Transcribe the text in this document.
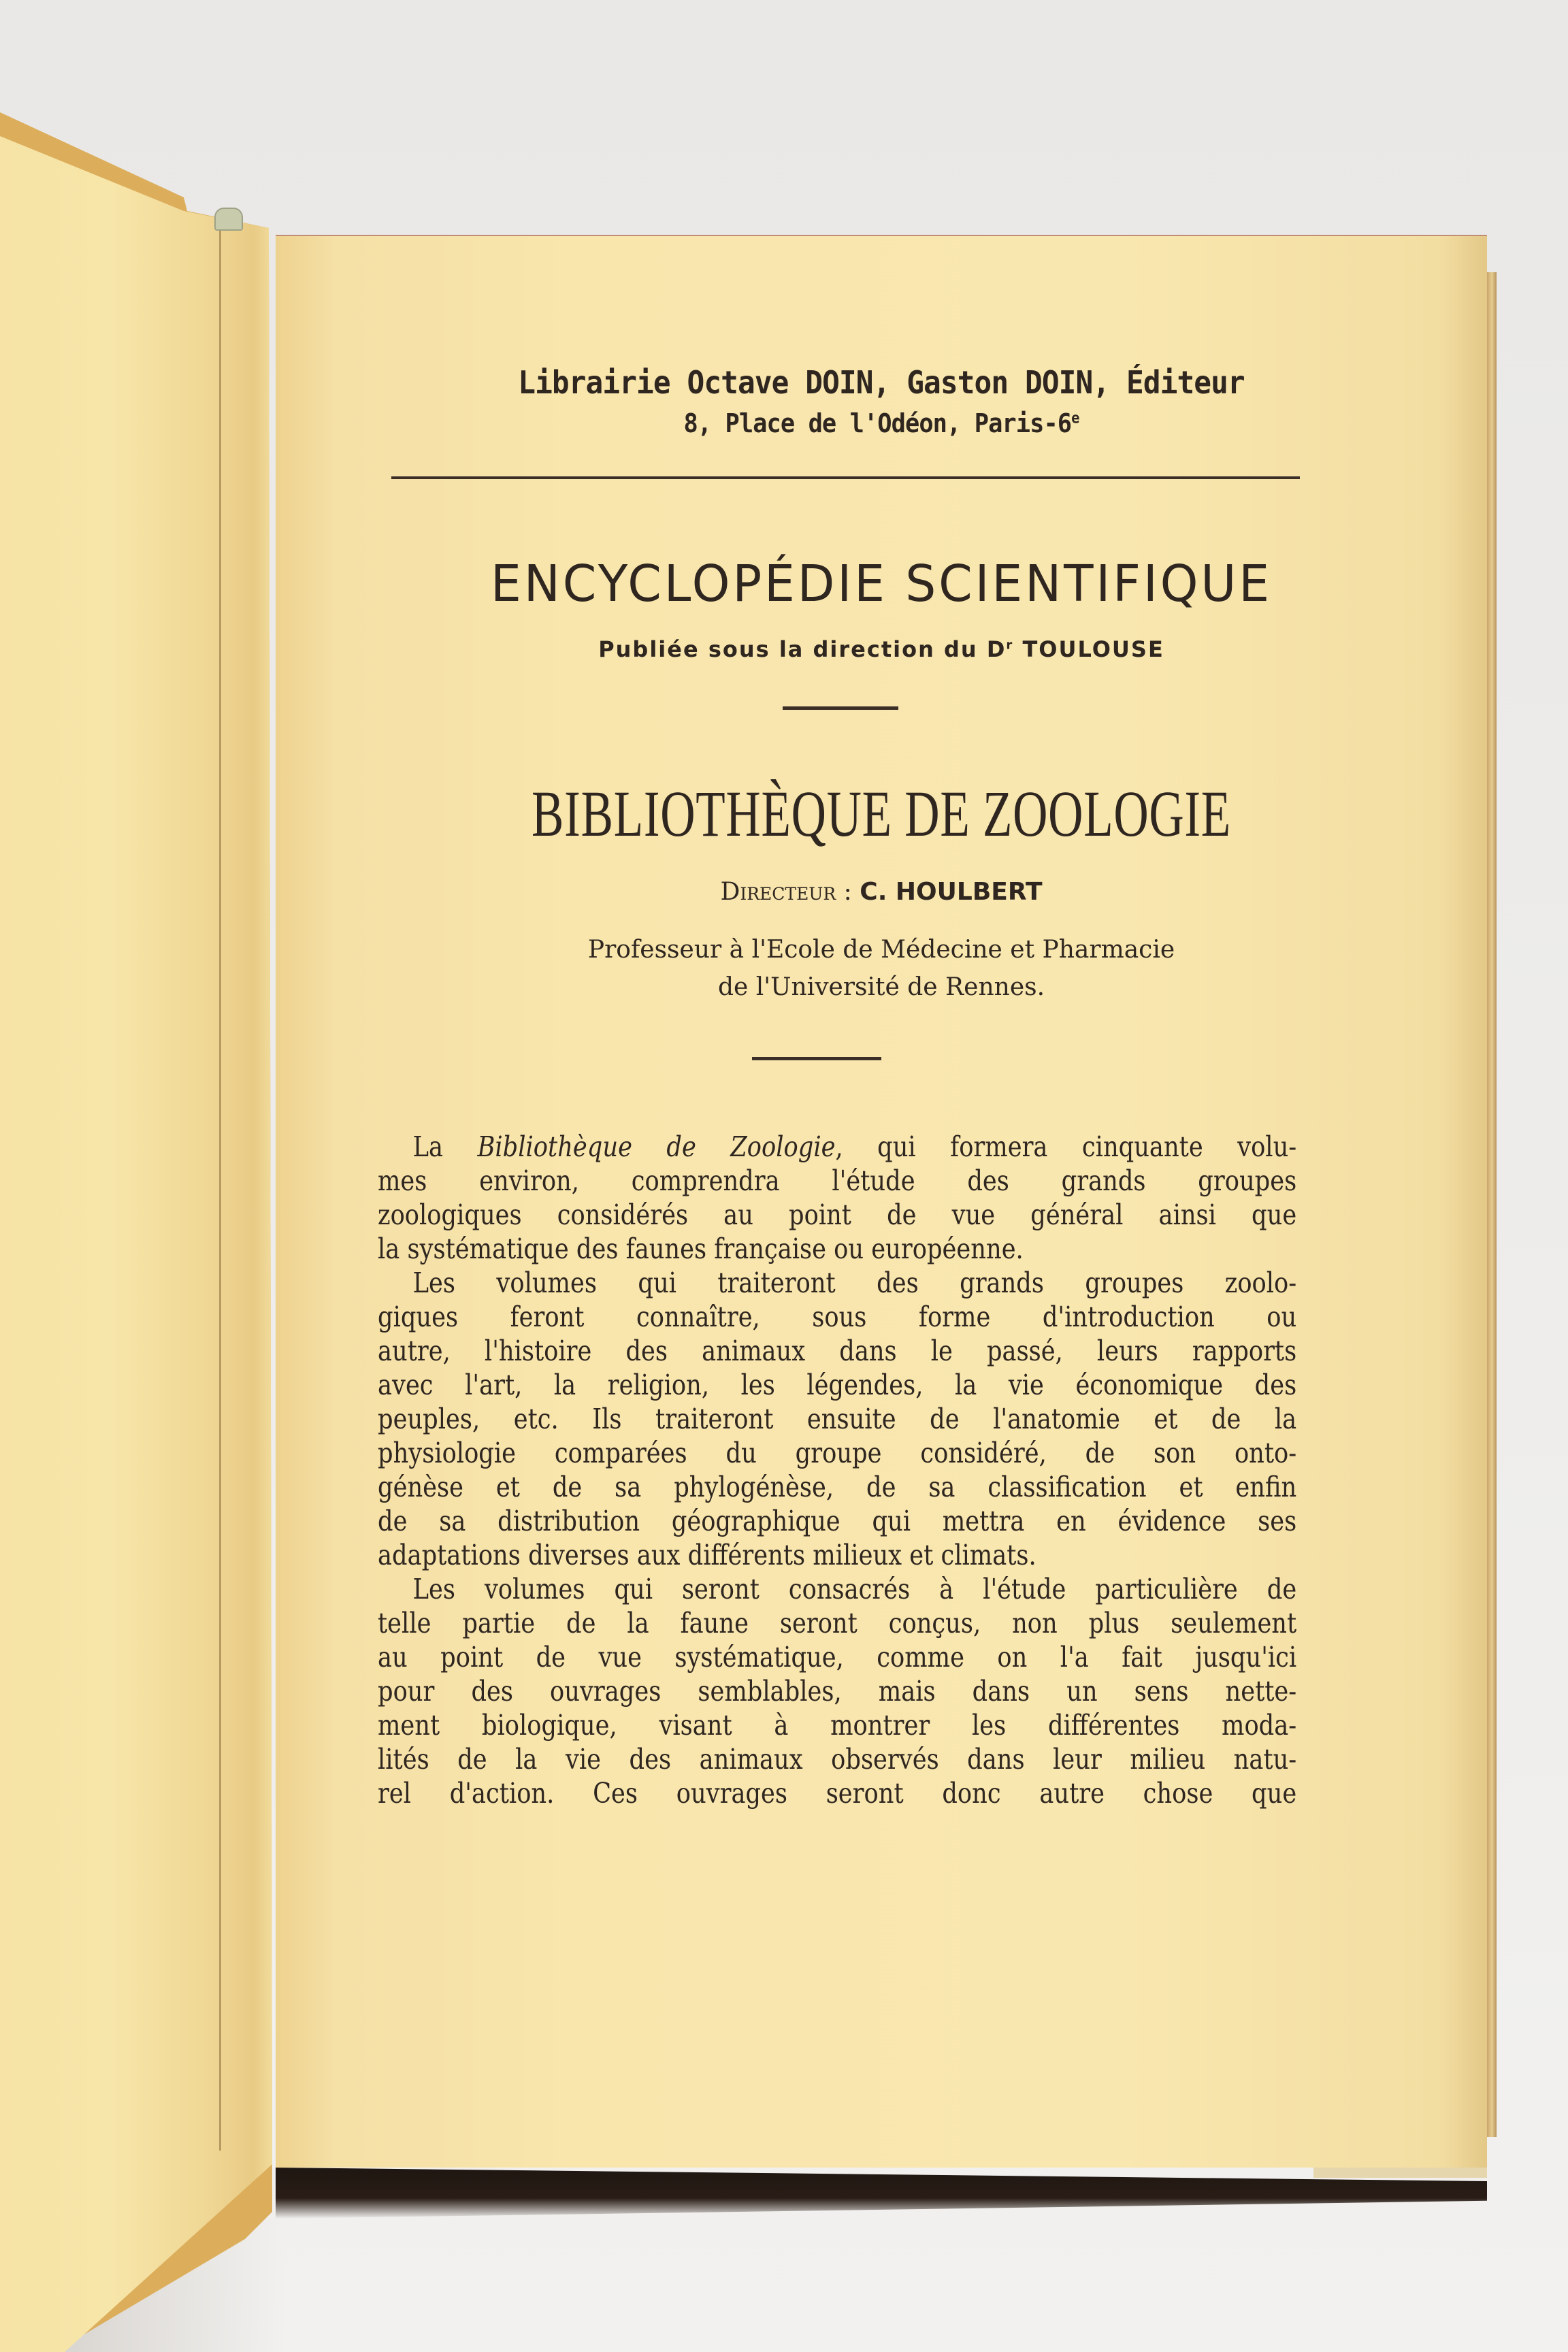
Librairie Octave DOIN, Gaston DOIN, Éditeur
8, Place de l'Odéon, Paris-6e
ENCYCLOPÉDIE SCIENTIFIQUE
Publiée sous la direction du $D^r$ TOULOUSE
BIBLIOTHÈQUE DE ZOOLOGIE
Directeur : C. HOULBERT
Professeur à l'Ecole de Médecine et Pharmacie
de l'Université de Rennes.
La Bibliothèque de Zoologie, qui formera cinquante volu-
mes environ, comprendra l'étude des grands groupes
zoologiques considérés au point de vue général ainsi que
la systématique des faunes française ou européenne.
Les volumes qui traiteront des grands groupes zoolo-
giques feront connaître, sous forme d'introduction ou
autre, l'histoire des animaux dans le passé, leurs rapports
avec l'art, la religion, les légendes, la vie économique des
peuples, etc. Ils traiteront ensuite de l'anatomie et de la
physiologie comparées du groupe considéré, de son onto-
génèse et de sa phylogénèse, de sa classification et enfin
de sa distribution géographique qui mettra en évidence ses
adaptations diverses aux différents milieux et climats.
Les volumes qui seront consacrés à l'étude particulière de
telle partie de la faune seront conçus, non plus seulement
au point de vue systématique, comme on l'a fait jusqu'ici
pour des ouvrages semblables, mais dans un sens nette-
ment biologique, visant à montrer les différentes moda-
lités de la vie des animaux observés dans leur milieu natu-
rel d'action. Ces ouvrages seront donc autre chose que
